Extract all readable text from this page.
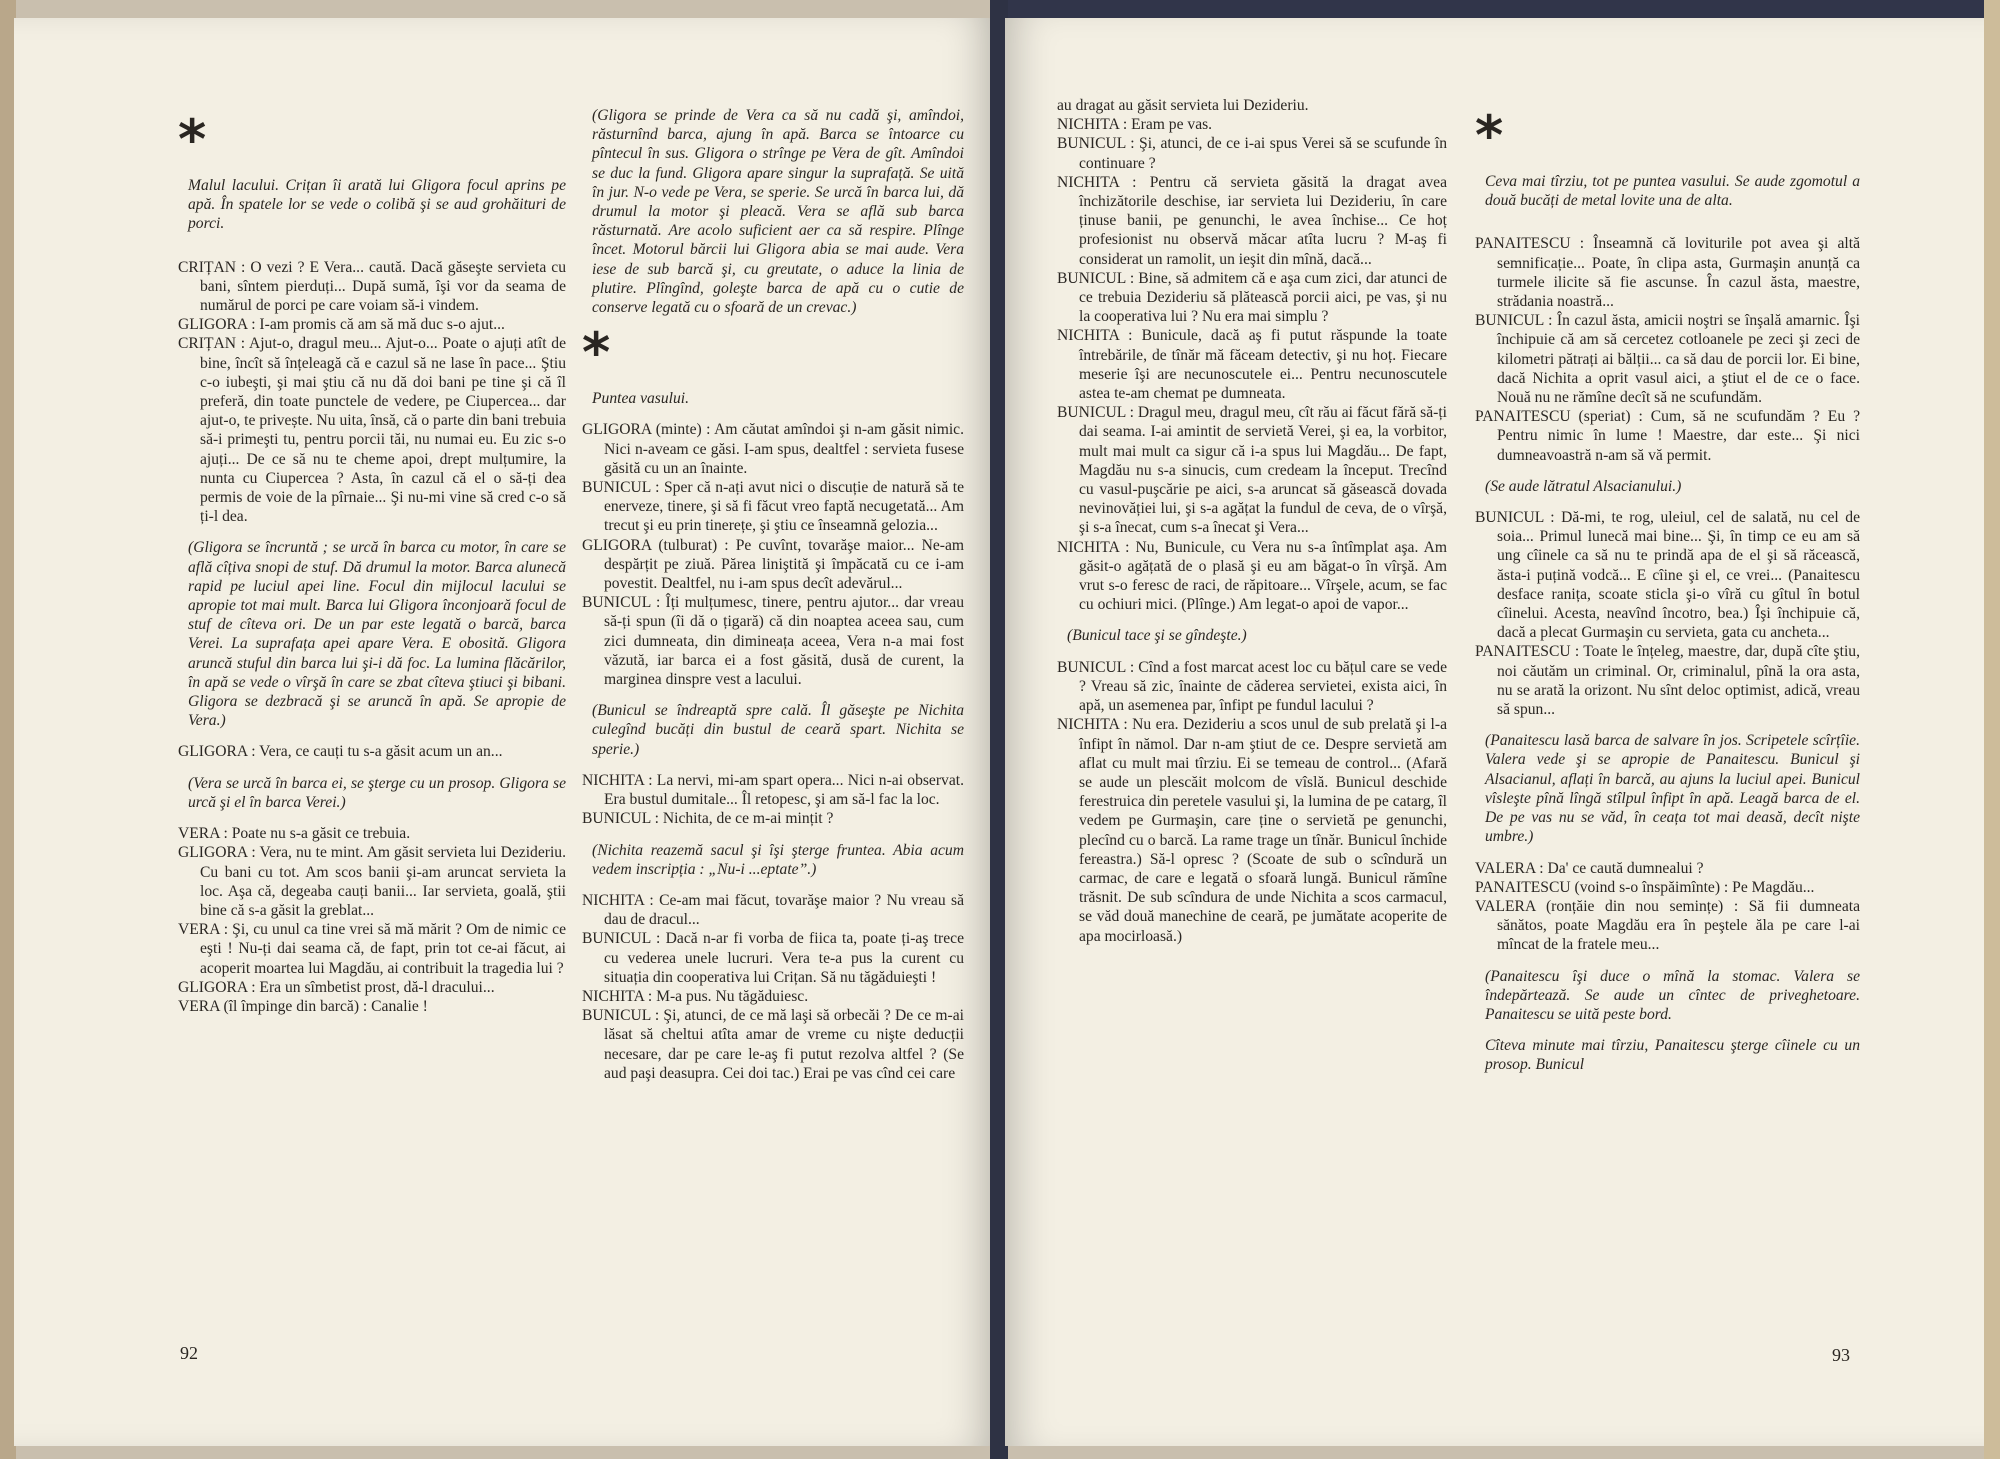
*
Malul lacului. Crițan îi arată lui Gligora focul aprins pe apă. În spatele lor se vede o colibă şi se aud grohăituri de porci.
CRIȚAN : O vezi ? E Vera... caută. Dacă găseşte servieta cu bani, sîntem pierduți... După sumă, îşi vor da seama de numărul de porci pe care voiam să-i vindem.
GLIGORA : I-am promis că am să mă duc s-o ajut...
CRIȚAN : Ajut-o, dragul meu... Ajut-o... Poate o ajuți atît de bine, încît să înțeleagă că e cazul să ne lase în pace... Ştiu c-o iubeşti, şi mai ştiu că nu dă doi bani pe tine şi că îl preferă, din toate punctele de vedere, pe Ciupercea... dar ajut-o, te privește. Nu uita, însă, că o parte din bani trebuia să-i primeşti tu, pentru porcii tăi, nu numai eu. Eu zic s-o ajuți... De ce să nu te cheme apoi, drept mulțumire, la nunta cu Ciupercea ? Asta, în cazul că el o să-ți dea permis de voie de la pîrnaie... Şi nu-mi vine să cred c-o să ți-l dea.
(Gligora se încruntă ; se urcă în barca cu motor, în care se află cîțiva snopi de stuf. Dă drumul la motor. Barca alunecă rapid pe luciul apei line. Focul din mijlocul lacului se apropie tot mai mult. Barca lui Gligora înconjoară focul de stuf de cîteva ori. De un par este legată o barcă, barca Verei. La suprafața apei apare Vera. E obosită. Gligora aruncă stuful din barca lui şi-i dă foc. La lumina flăcărilor, în apă se vede o vîrşă în care se zbat cîteva ştiuci şi bibani. Gligora se dezbracă şi se aruncă în apă. Se apropie de Vera.)
GLIGORA : Vera, ce cauți tu s-a găsit acum un an...
(Vera se urcă în barca ei, se şterge cu un prosop. Gligora se urcă şi el în barca Verei.)
VERA : Poate nu s-a găsit ce trebuia.
GLIGORA : Vera, nu te mint. Am găsit servieta lui Dezideriu. Cu bani cu tot. Am scos banii şi-am aruncat servieta la loc. Aşa că, degeaba cauți banii... Iar servieta, goală, ştii bine că s-a găsit la greblat...
VERA : Şi, cu unul ca tine vrei să mă mărit ? Om de nimic ce eşti ! Nu-ți dai seama că, de fapt, prin tot ce-ai făcut, ai acoperit moartea lui Magdău, ai contribuit la tragedia lui ?
GLIGORA : Era un sîmbetist prost, dă-l dracului...
VERA (îl împinge din barcă) : Canalie !
(Gligora se prinde de Vera ca să nu cadă şi, amîndoi, răsturnînd barca, ajung în apă. Barca se întoarce cu pîntecul în sus. Gligora o strînge pe Vera de gît. Amîndoi se duc la fund. Gligora apare singur la suprafață. Se uită în jur. N-o vede pe Vera, se sperie. Se urcă în barca lui, dă drumul la motor şi pleacă. Vera se află sub barca răsturnată. Are acolo suficient aer ca să respire. Plînge încet. Motorul bărcii lui Gligora abia se mai aude. Vera iese de sub barcă şi, cu greutate, o aduce la linia de plutire. Plîngînd, goleşte barca de apă cu o cutie de conserve legată cu o sfoară de un crevac.)
*
Puntea vasului.
GLIGORA (minte) : Am căutat amîndoi şi n-am găsit nimic. Nici n-aveam ce găsi. I-am spus, dealtfel : servieta fusese găsită cu un an înainte.
BUNICUL : Sper că n-ați avut nici o discuție de natură să te enerveze, tinere, şi să fi făcut vreo faptă necugetată... Am trecut şi eu prin tinerețe, şi ştiu ce înseamnă gelozia...
GLIGORA (tulburat) : Pe cuvînt, tovarăşe maior... Ne-am despărțit pe ziuă. Părea liniştită şi împăcată cu ce i-am povestit. Dealtfel, nu i-am spus decît adevărul...
BUNICUL : Îți mulțumesc, tinere, pentru ajutor... dar vreau să-ți spun (îi dă o țigară) că din noaptea aceea sau, cum zici dumneata, din dimineața aceea, Vera n-a mai fost văzută, iar barca ei a fost găsită, dusă de curent, la marginea dinspre vest a lacului.
(Bunicul se îndreaptă spre cală. Îl găseşte pe Nichita culegînd bucăți din bustul de ceară spart. Nichita se sperie.)
NICHITA : La nervi, mi-am spart opera... Nici n-ai observat. Era bustul dumitale... Îl retopesc, şi am să-l fac la loc.
BUNICUL : Nichita, de ce m-ai mințit ?
(Nichita reazemă sacul şi îşi şterge fruntea. Abia acum vedem inscripția : „Nu-i ...eptate”.)
NICHITA : Ce-am mai făcut, tovarăşe maior ? Nu vreau să dau de dracul...
BUNICUL : Dacă n-ar fi vorba de fiica ta, poate ți-aş trece cu vederea unele lucruri. Vera te-a pus la curent cu situația din cooperativa lui Crițan. Să nu tăgăduieşti !
NICHITA : M-a pus. Nu tăgăduiesc.
BUNICUL : Şi, atunci, de ce mă laşi să orbecăi ? De ce m-ai lăsat să cheltui atîta amar de vreme cu nişte deducții necesare, dar pe care le-aş fi putut rezolva altfel ? (Se aud paşi deasupra. Cei doi tac.) Erai pe vas cînd cei care
92
au dragat au găsit servieta lui Dezideriu.
NICHITA : Eram pe vas.
BUNICUL : Şi, atunci, de ce i-ai spus Verei să se scufunde în continuare ?
NICHITA : Pentru că servieta găsită la dragat avea închizătorile deschise, iar servieta lui Dezideriu, în care ținuse banii, pe genunchi, le avea închise... Ce hoț profesionist nu observă măcar atîta lucru ? M-aş fi considerat un ramolit, un ieşit din mînă, dacă...
BUNICUL : Bine, să admitem că e aşa cum zici, dar atunci de ce trebuia Dezideriu să plătească porcii aici, pe vas, şi nu la cooperativa lui ? Nu era mai simplu ?
NICHITA : Bunicule, dacă aş fi putut răspunde la toate întrebările, de tînăr mă făceam detectiv, şi nu hoț. Fiecare meserie îşi are necunoscutele ei... Pentru necunoscutele astea te-am chemat pe dumneata.
BUNICUL : Dragul meu, dragul meu, cît rău ai făcut fără să-ți dai seama. I-ai amintit de servietă Verei, şi ea, la vorbitor, mult mai mult ca sigur că i-a spus lui Magdău... De fapt, Magdău nu s-a sinucis, cum credeam la început. Trecînd cu vasul-puşcărie pe aici, s-a aruncat să găsească dovada nevinovăției lui, şi s-a agățat la fundul de ceva, de o vîrşă, şi s-a înecat, cum s-a înecat şi Vera...
NICHITA : Nu, Bunicule, cu Vera nu s-a întîmplat aşa. Am găsit-o agățată de o plasă şi eu am băgat-o în vîrşă. Am vrut s-o feresc de raci, de răpitoare... Vîrşele, acum, se fac cu ochiuri mici. (Plînge.) Am legat-o apoi de vapor...
(Bunicul tace şi se gîndeşte.)
BUNICUL : Cînd a fost marcat acest loc cu bățul care se vede ? Vreau să zic, înainte de căderea servietei, exista aici, în apă, un asemenea par, înfipt pe fundul lacului ?
NICHITA : Nu era. Dezideriu a scos unul de sub prelată şi l-a înfipt în nămol. Dar n-am ştiut de ce. Despre servietă am aflat cu mult mai tîrziu. Ei se temeau de control... (Afară se aude un plescăit molcom de vîslă. Bunicul deschide ferestruica din peretele vasului şi, la lumina de pe catarg, îl vedem pe Gurmaşin, care ține o servietă pe genunchi, plecînd cu o barcă. La rame trage un tînăr. Bunicul închide fereastra.) Să-l opresc ? (Scoate de sub o scîndură un carmac, de care e legată o sfoară lungă. Bunicul rămîne trăsnit. De sub scîndura de unde Nichita a scos carmacul, se văd două manechine de ceară, pe jumătate acoperite de apa mocirloasă.)
*
Ceva mai tîrziu, tot pe puntea vasului. Se aude zgomotul a două bucăți de metal lovite una de alta.
PANAITESCU : Înseamnă că loviturile pot avea şi altă semnificație... Poate, în clipa asta, Gurmaşin anunță ca turmele ilicite să fie ascunse. În cazul ăsta, maestre, strădania noastră...
BUNICUL : În cazul ăsta, amicii noştri se înşală amarnic. Îşi închipuie că am să cercetez cotloanele pe zeci şi zeci de kilometri pătrați ai bălții... ca să dau de porcii lor. Ei bine, dacă Nichita a oprit vasul aici, a ştiut el de ce o face. Nouă nu ne rămîne decît să ne scufundăm.
PANAITESCU (speriat) : Cum, să ne scufundăm ? Eu ? Pentru nimic în lume ! Maestre, dar este... Şi nici dumneavoastră n-am să vă permit.
(Se aude lătratul Alsacianului.)
BUNICUL : Dă-mi, te rog, uleiul, cel de salată, nu cel de soia... Primul lunecă mai bine... Şi, în timp ce eu am să ung cîinele ca să nu te prindă apa de el şi să răcească, ăsta-i puțină vodcă... E cîine şi el, ce vrei... (Panaitescu desface ranița, scoate sticla şi-o vîră cu gîtul în botul cîinelui. Acesta, neavînd încotro, bea.) Îşi închipuie că, dacă a plecat Gurmaşin cu servieta, gata cu ancheta...
PANAITESCU : Toate le înțeleg, maestre, dar, după cîte ştiu, noi căutăm un criminal. Or, criminalul, pînă la ora asta, nu se arată la orizont. Nu sînt deloc optimist, adică, vreau să spun...
(Panaitescu lasă barca de salvare în jos. Scripetele scîrțîie. Valera vede şi se apropie de Panaitescu. Bunicul şi Alsacianul, aflați în barcă, au ajuns la luciul apei. Bunicul vîsleşte pînă lîngă stîlpul înfipt în apă. Leagă barca de el. De pe vas nu se văd, în ceața tot mai deasă, decît nişte umbre.)
VALERA : Da' ce caută dumnealui ?
PANAITESCU (voind s-o înspăimînte) : Pe Magdău...
VALERA (ronțăie din nou semințe) : Să fii dumneata sănătos, poate Magdău era în peştele ăla pe care l-ai mîncat de la fratele meu...
(Panaitescu îşi duce o mînă la stomac. Valera se îndepărtează. Se aude un cîntec de priveghetoare. Panaitescu se uită peste bord.
Cîteva minute mai tîrziu, Panaitescu şterge cîinele cu un prosop. Bunicul
93
